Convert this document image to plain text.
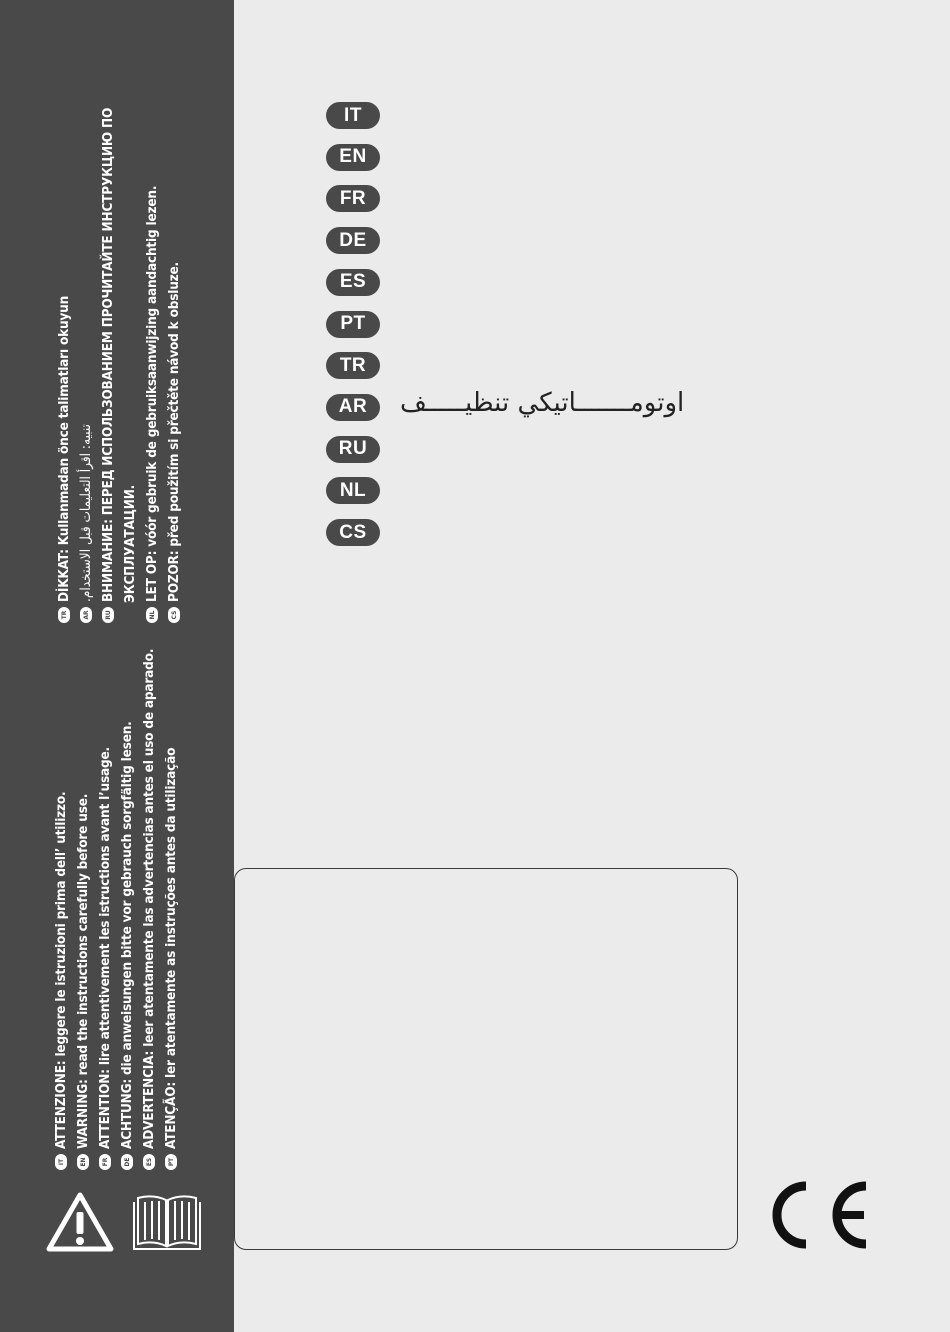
IT
ATTENZIONE:
leggere le istruzioni prima dell’ utilizzo.
EN
WARNING:
read the instructions carefully before use.
FR
ATTENTION:
lire attentivement les istructions avant l’usage.
DE
ACHTUNG:
die anweisungen bitte vor gebrauch sorgfältig lesen.
ES
ADVERTENCIA:
leer atentamente las advertencias antes el uso de aparado.
PT
ATENÇÃO:
ler atentamente as instruções antes da utilização
TR
DİKKAT:
Kullanmadan önce talimatları okuyun
AR
تنبيه: اقرأ التعليمات قبل الاستخدام.
RU
ВНИМАНИЕ:
ПЕРЕД ИСПОЛЬЗОВАНИЕМ ПРОЧИТАЙТЕ ИНСТРУКЦИЮ ПО
ЭКСПЛУАТАЦИИ.
NL
LET OP:
vóór gebruik de gebruiksaanwijzing aandachtig lezen.
CS
POZOR:
před použitím si přečtěte návod k obsluze.
IT
EN
FR
DE
ES
PT
TR
AR	اوتومـــــــاتيكي تنظيـــــف
RU
NL
CS
